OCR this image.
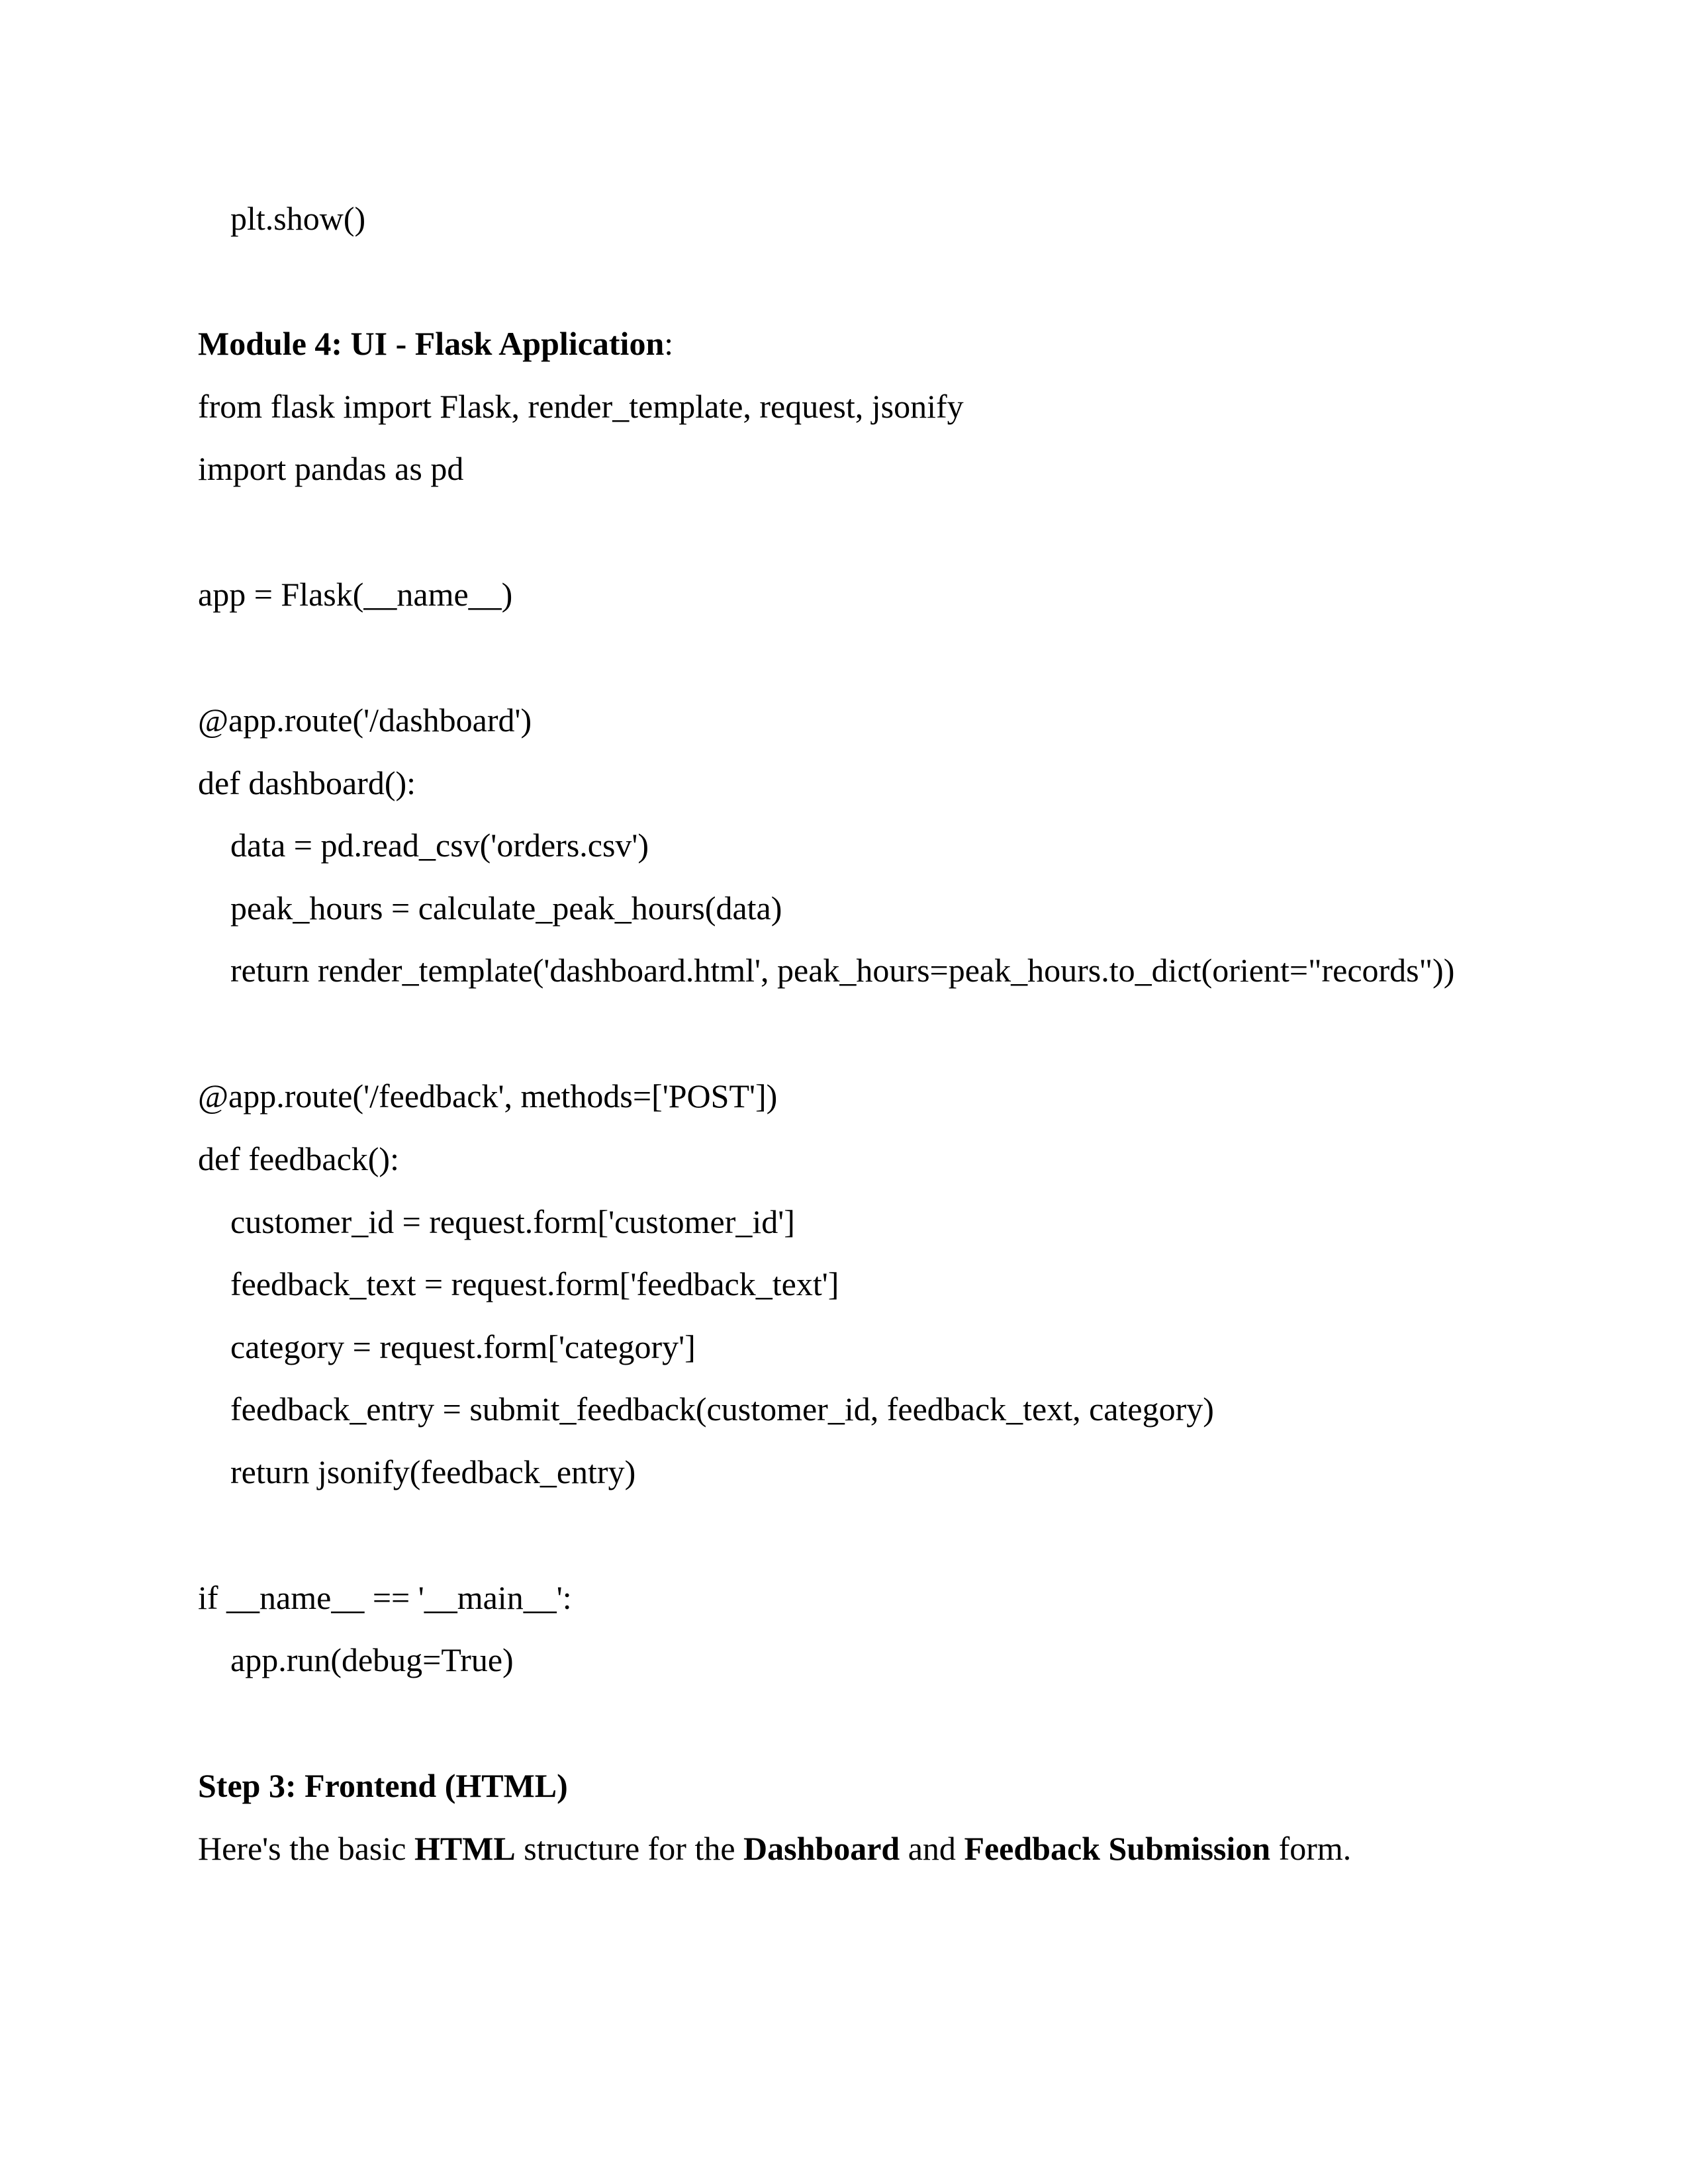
plt.show()
Module 4: UI - Flask Application:
from flask import Flask, render_template, request, jsonify
import pandas as pd
app = Flask(__name__)
@app.route('/dashboard')
def dashboard():
data = pd.read_csv('orders.csv')
peak_hours = calculate_peak_hours(data)
return render_template('dashboard.html', peak_hours=peak_hours.to_dict(orient="records"))
@app.route('/feedback', methods=['POST'])
def feedback():
customer_id = request.form['customer_id']
feedback_text = request.form['feedback_text']
category = request.form['category']
feedback_entry = submit_feedback(customer_id, feedback_text, category)
return jsonify(feedback_entry)
if __name__ == '__main__':
app.run(debug=True)
Step 3: Frontend (HTML)
Here's the basic HTML structure for the Dashboard and Feedback Submission form.
